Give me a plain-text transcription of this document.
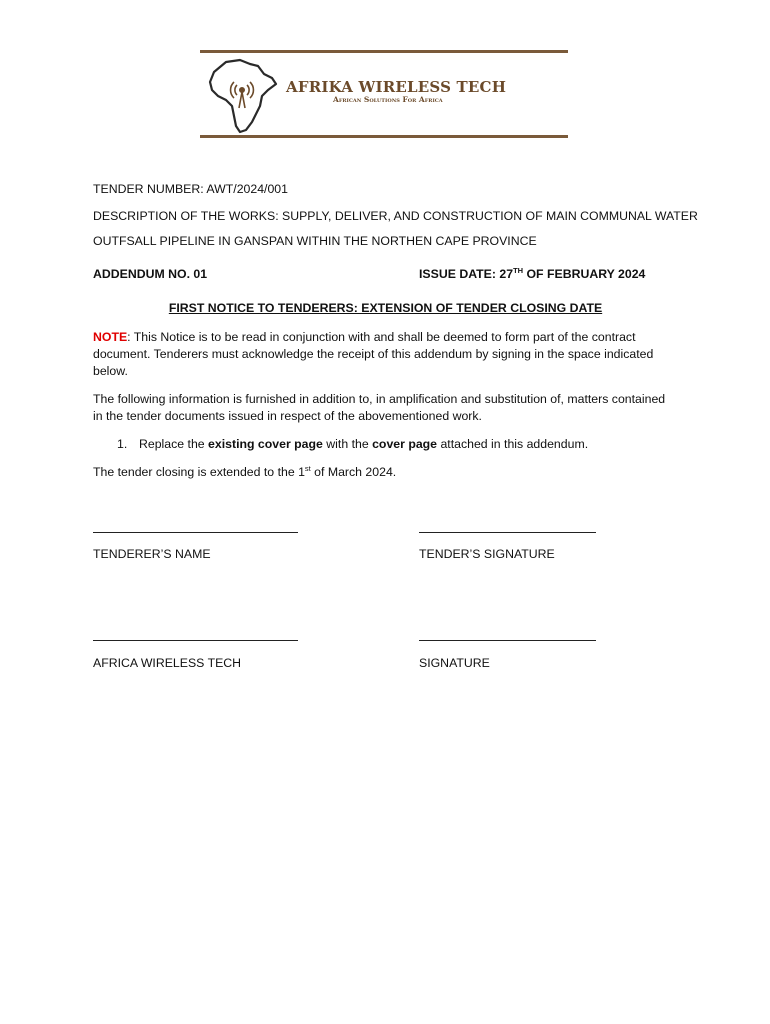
AFRIKA WIRELESS TECH
African Solutions For Africa
TENDER NUMBER: AWT/2024/001
DESCRIPTION OF THE WORKS: SUPPLY, DELIVER, AND CONSTRUCTION OF MAIN COMMUNAL WATER
OUTFSALL PIPELINE IN GANSPAN WITHIN THE NORTHEN CAPE PROVINCE
ADDENDUM NO. 01	ISSUE DATE: 27TH OF FEBRUARY 2024
FIRST NOTICE TO TENDERERS: EXTENSION OF TENDER CLOSING DATE
NOTE: This Notice is to be read in conjunction with and shall be deemed to form part of the contract document. Tenderers must acknowledge the receipt of this addendum by signing in the space indicated below.
The following information is furnished in addition to, in amplification and substitution of, matters contained in the tender documents issued in respect of the abovementioned work.
1. Replace the existing cover page with the cover page attached in this addendum.
The tender closing is extended to the 1st of March 2024.
TENDERER’S NAME	TENDER’S SIGNATURE
AFRICA WIRELESS TECH	SIGNATURE
